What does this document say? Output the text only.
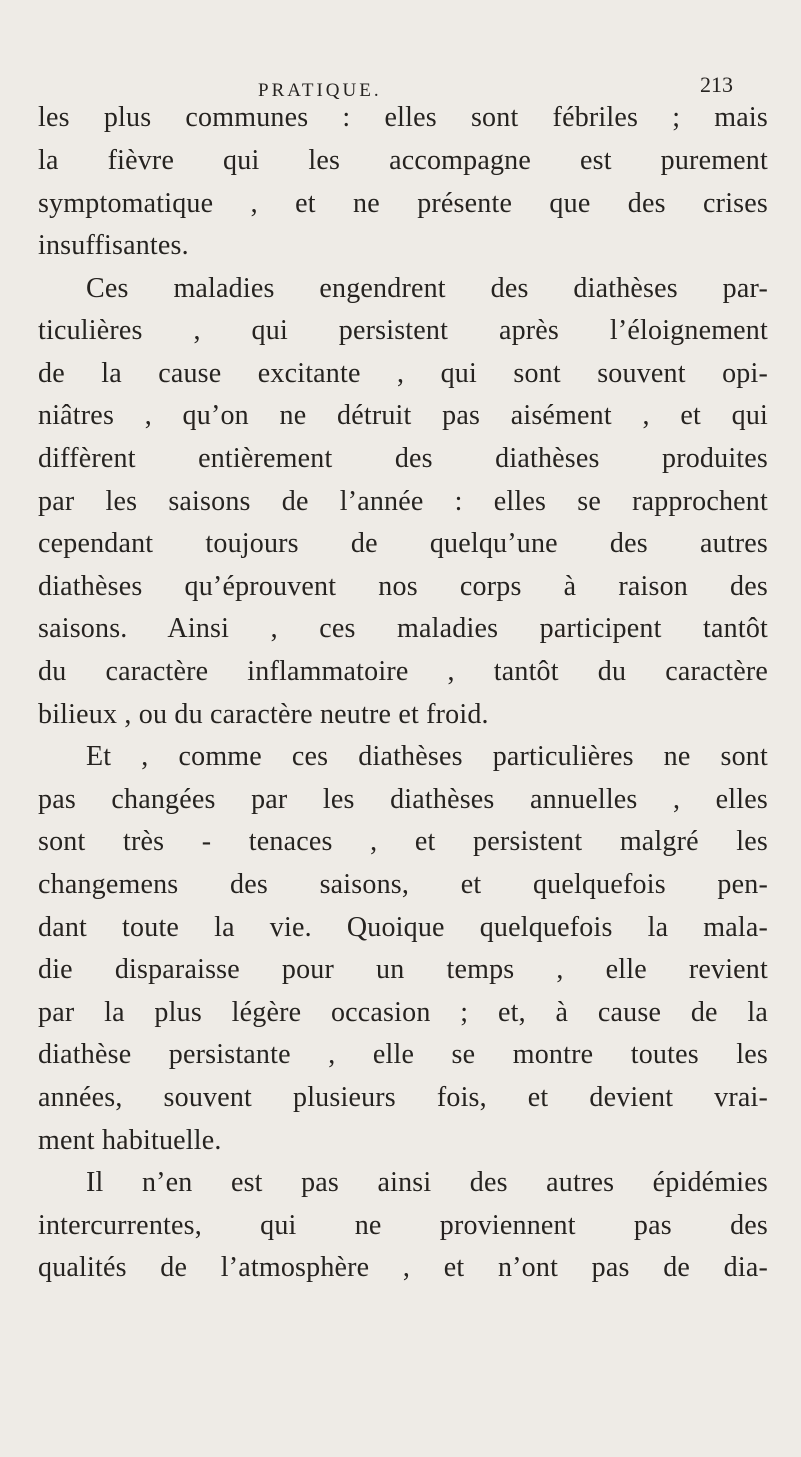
PRATIQUE.	213
les plus communes : elles sont fébriles ; mais
la fièvre qui les accompagne est purement
symptomatique , et ne présente que des crises
insuffisantes.
Ces maladies engendrent des diathèses par-
ticulières , qui persistent après l’éloignement
de la cause excitante , qui sont souvent opi-
niâtres , qu’on ne détruit pas aisément , et qui
diffèrent entièrement des diathèses produites
par les saisons de l’année : elles se rapprochent
cependant toujours de quelqu’une des autres
diathèses qu’éprouvent nos corps à raison des
saisons. Ainsi , ces maladies participent tantôt
du caractère inflammatoire , tantôt du caractère
bilieux , ou du caractère neutre et froid.
Et , comme ces diathèses particulières ne sont
pas changées par les diathèses annuelles , elles
sont très - tenaces , et persistent malgré les
changemens des saisons, et quelquefois pen-
dant toute la vie. Quoique quelquefois la mala-
die disparaisse pour un temps , elle revient
par la plus légère occasion ; et, à cause de la
diathèse persistante , elle se montre toutes les
années, souvent plusieurs fois, et devient vrai-
ment habituelle.
Il n’en est pas ainsi des autres épidémies
intercurrentes, qui ne proviennent pas des
qualités de l’atmosphère , et n’ont pas de dia-
